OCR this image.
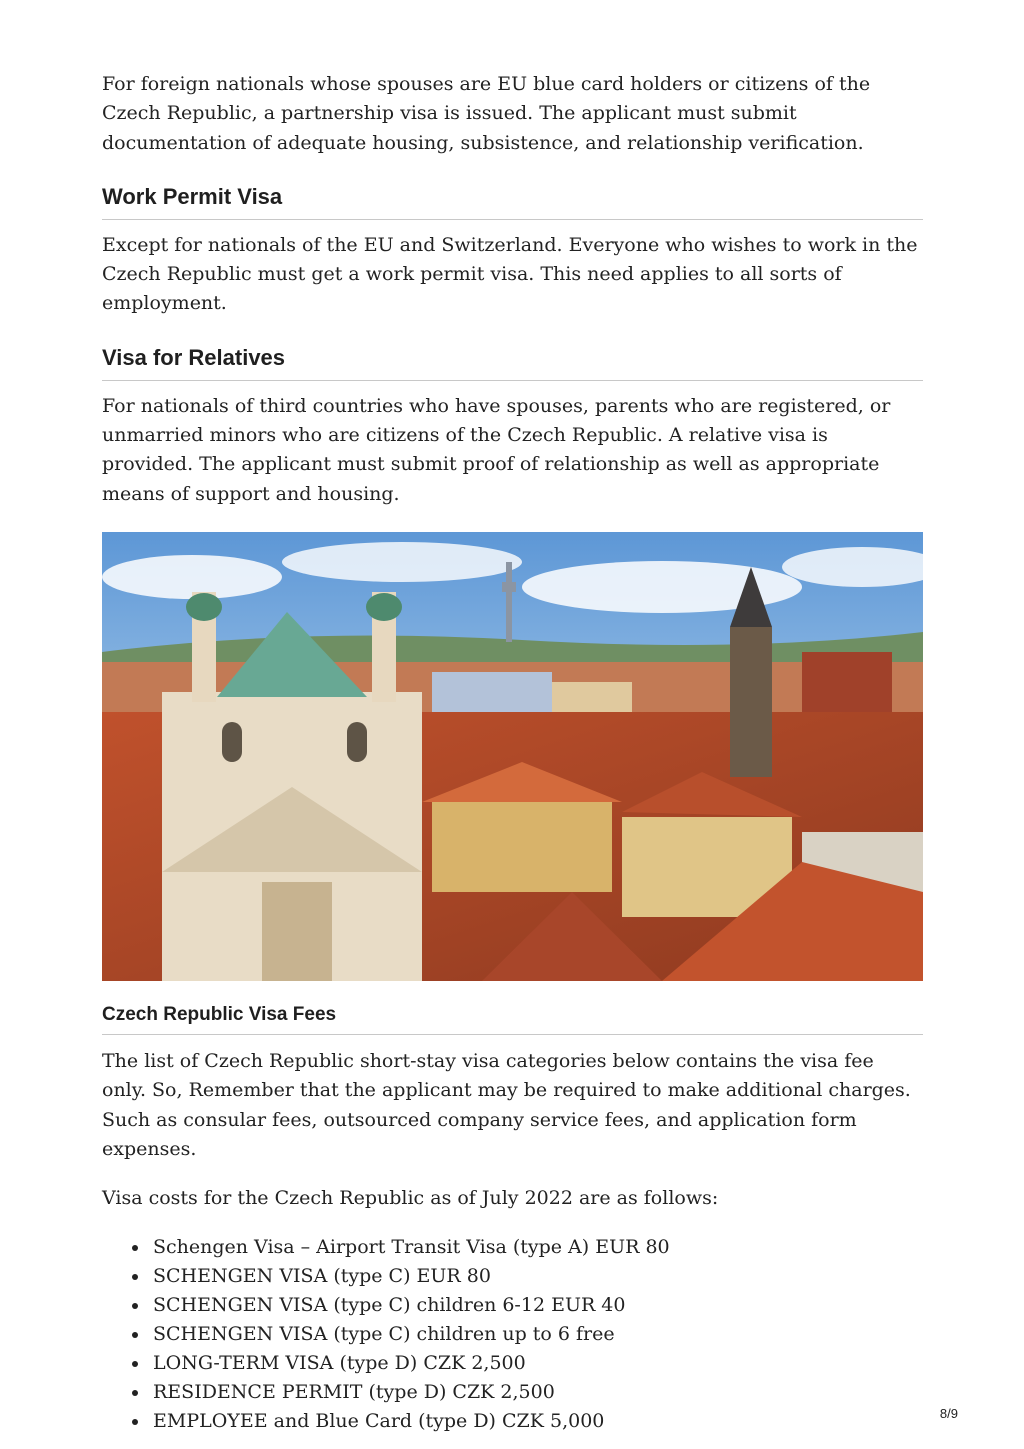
For foreign nationals whose spouses are EU blue card holders or citizens of the Czech Republic, a partnership visa is issued. The applicant must submit documentation of adequate housing, subsistence, and relationship verification.

Work Permit Visa

Except for nationals of the EU and Switzerland. Everyone who wishes to work in the Czech Republic must get a work permit visa. This need applies to all sorts of employment.

Visa for Relatives

For nationals of third countries who have spouses, parents who are registered, or unmarried minors who are citizens of the Czech Republic. A relative visa is provided. The applicant must submit proof of relationship as well as appropriate means of support and housing.

Czech Republic Visa Fees

The list of Czech Republic short-stay visa categories below contains the visa fee only. So, Remember that the applicant may be required to make additional charges. Such as consular fees, outsourced company service fees, and application form expenses.

Visa costs for the Czech Republic as of July 2022 are as follows:

Schengen Visa – Airport Transit Visa (type A) EUR 80
SCHENGEN VISA (type C) EUR 80
SCHENGEN VISA (type C) children 6-12 EUR 40
SCHENGEN VISA (type C) children up to 6 free
LONG-TERM VISA (type D) CZK 2,500
RESIDENCE PERMIT (type D) CZK 2,500
EMPLOYEE and Blue Card (type D) CZK 5,000	8/9
